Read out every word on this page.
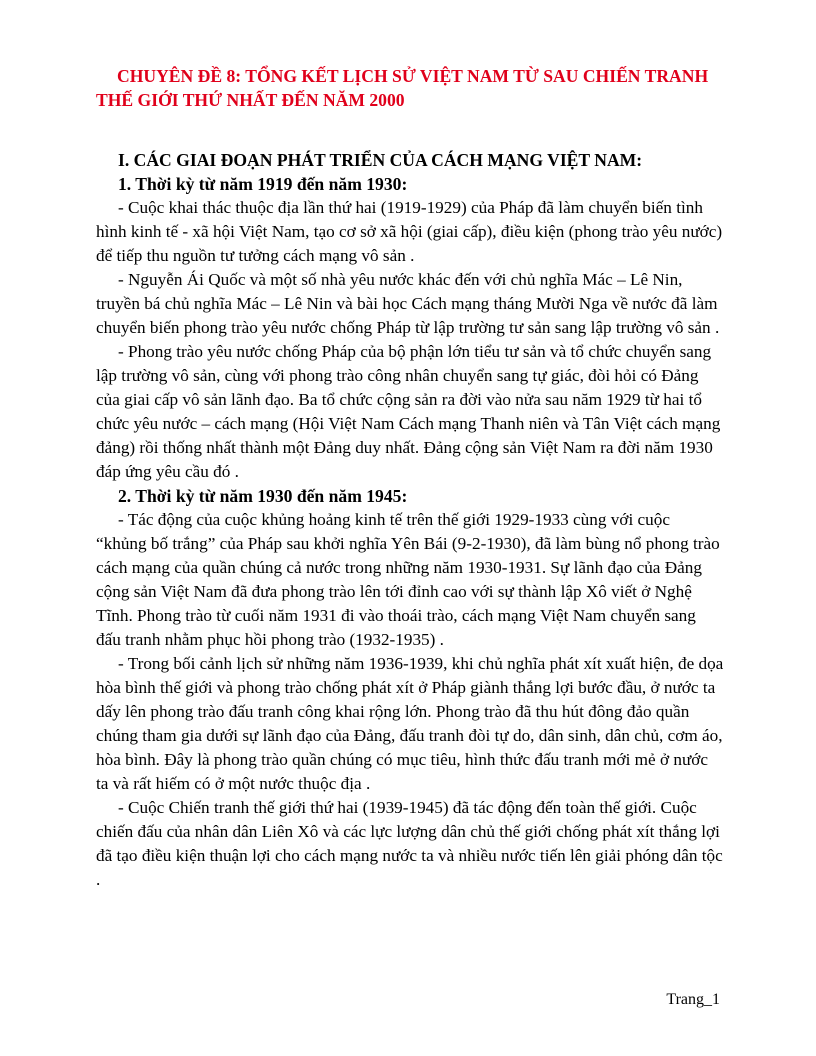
CHUYÊN ĐỀ 8: TỔNG KẾT LỊCH SỬ VIỆT NAM TỪ SAU CHIẾN TRANH THẾ GIỚI THỨ NHẤT ĐẾN NĂM 2000

I. CÁC GIAI ĐOẠN PHÁT TRIỂN CỦA CÁCH MẠNG VIỆT NAM:

1. Thời kỳ từ năm 1919 đến năm 1930:

- Cuộc khai thác thuộc địa lần thứ hai (1919-1929) của Pháp đã làm chuyển biến tình hình kinh tế - xã hội Việt Nam, tạo cơ sở xã hội (giai cấp), điều kiện (phong trào yêu nước) để tiếp thu nguồn tư tưởng cách mạng vô sản .

- Nguyễn Ái Quốc và một số nhà yêu nước khác đến với chủ nghĩa Mác – Lê Nin, truyền bá chủ nghĩa Mác – Lê Nin và bài học Cách mạng tháng Mười Nga về nước đã làm chuyển biến phong trào yêu nước chống Pháp từ lập trường tư sản sang lập trường vô sản .

- Phong trào yêu nước chống Pháp của bộ phận lớn tiểu tư sản và tổ chức chuyển sang lập trường vô sản, cùng với phong trào công nhân chuyển sang tự giác, đòi hỏi có Đảng của giai cấp vô sản lãnh đạo. Ba tổ chức cộng sản ra đời vào nửa sau năm 1929 từ hai tổ chức yêu nước – cách mạng (Hội Việt Nam Cách mạng Thanh niên và Tân Việt cách mạng đảng) rồi thống nhất thành một Đảng duy nhất. Đảng cộng sản Việt Nam ra đời năm 1930 đáp ứng yêu cầu đó .

2. Thời kỳ từ năm 1930 đến năm 1945:

- Tác động của cuộc khủng hoảng kinh tế trên thế giới 1929-1933 cùng với cuộc “khủng bố trắng” của Pháp sau khởi nghĩa Yên Bái (9-2-1930), đã làm bùng nổ phong trào cách mạng của quần chúng cả nước trong những năm 1930-1931. Sự lãnh đạo của Đảng cộng sản Việt Nam đã đưa phong trào lên tới đỉnh cao với sự thành lập Xô viết ở Nghệ Tĩnh. Phong trào từ cuối năm 1931 đi vào thoái trào, cách mạng Việt Nam chuyển sang đấu tranh nhằm phục hồi phong trào (1932-1935) .

- Trong bối cảnh lịch sử những năm 1936-1939, khi chủ nghĩa phát xít xuất hiện, đe dọa hòa bình thế giới và phong trào chống phát xít ở Pháp giành thắng lợi bước đầu, ở nước ta dấy lên phong trào đấu tranh công khai rộng lớn. Phong trào đã thu hút đông đảo quần chúng tham gia dưới sự lãnh đạo của Đảng, đấu tranh đòi tự do, dân sinh, dân chủ, cơm áo, hòa bình. Đây là phong trào quần chúng có mục tiêu, hình thức đấu tranh mới mẻ ở nước ta và rất hiếm có ở một nước thuộc địa .

- Cuộc Chiến tranh thế giới thứ hai (1939-1945) đã tác động đến toàn thế giới. Cuộc chiến đấu của nhân dân Liên Xô và các lực lượng dân chủ thế giới chống phát xít thắng lợi đã tạo điều kiện thuận lợi cho cách mạng nước ta và nhiều nước tiến lên giải phóng dân tộc .

Trang_1
